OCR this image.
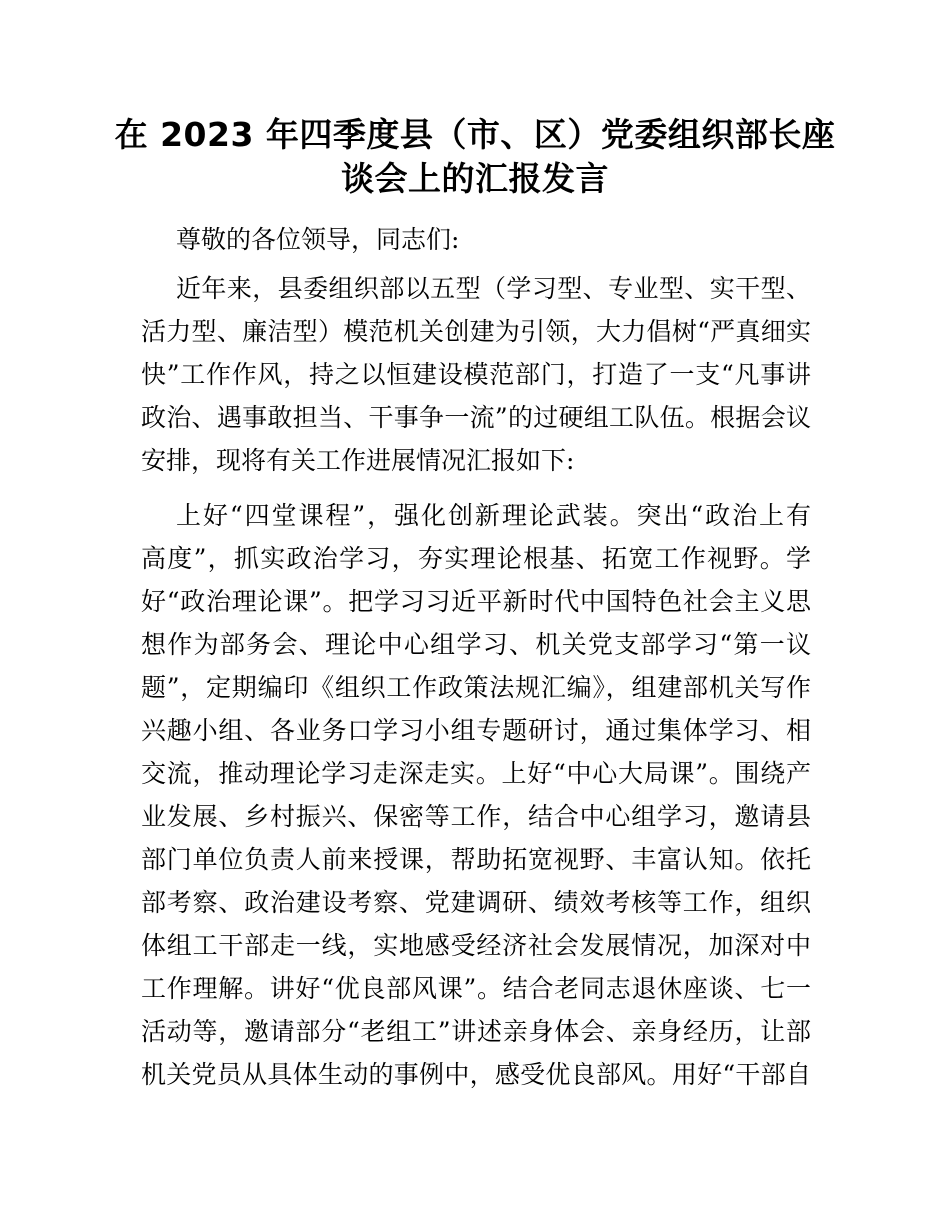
在 2023 年四季度县（市、区）党委组织部长座
谈会上的汇报发言
尊敬的各位领导，同志们:
近年来，县委组织部以五型（学习型、专业型、实干型、
活力型、廉洁型）模范机关创建为引领，大力倡树“严真细实
快”工作作风，持之以恒建设模范部门，打造了一支“凡事讲
政治、遇事敢担当、干事争一流”的过硬组工队伍。根据会议
安排，现将有关工作进展情况汇报如下:
上好“四堂课程”，强化创新理论武装。突出“政治上有
高度”，抓实政治学习，夯实理论根基、拓宽工作视野。学
好“政治理论课”。把学习习近平新时代中国特色社会主义思
想作为部务会、理论中心组学习、机关党支部学习“第一议
题”，定期编印《组织工作政策法规汇编》，组建部机关写作
兴趣小组、各业务口学习小组专题研讨，通过集体学习、相
交流，推动理论学习走深走实。上好“中心大局课”。围绕产
业发展、乡村振兴、保密等工作，结合中心组学习，邀请县
部门单位负责人前来授课，帮助拓宽视野、丰富认知。依托
部考察、政治建设考察、党建调研、绩效考核等工作，组织
体组工干部走一线，实地感受经济社会发展情况，加深对中
工作理解。讲好“优良部风课”。结合老同志退休座谈、七一
活动等，邀请部分“老组工”讲述亲身体会、亲身经历，让部
机关党员从具体生动的事例中，感受优良部风。用好“干部自
